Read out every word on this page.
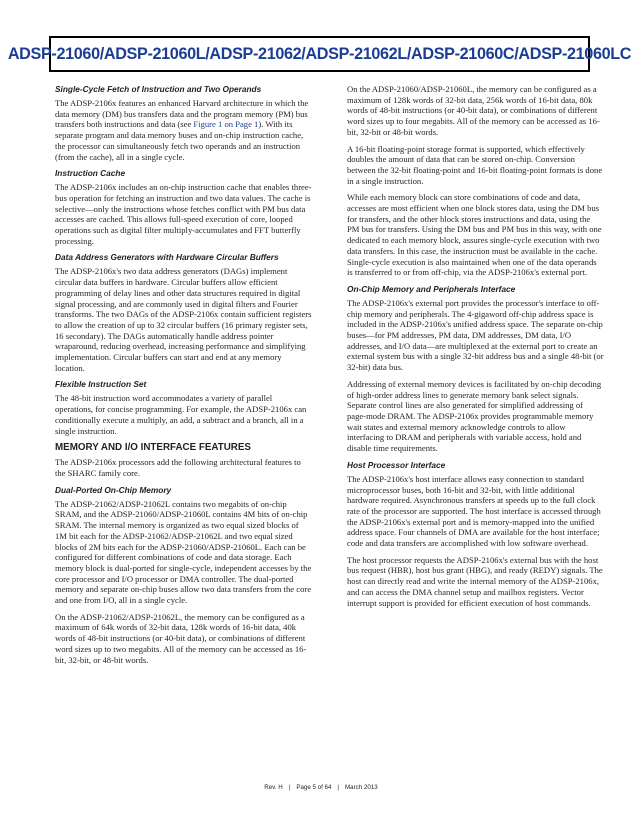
ADSP-21060/ADSP-21060L/ADSP-21062/ADSP-21062L/ADSP-21060C/ADSP-21060LC
Single-Cycle Fetch of Instruction and Two Operands

The ADSP-2106x features an enhanced Harvard architecture in which the data memory (DM) bus transfers data and the program memory (PM) bus transfers both instructions and data (see Figure 1 on Page 1). With its separate program and data memory buses and on-chip instruction cache, the processor can simultaneously fetch two operands and an instruction (from the cache), all in a single cycle.

Instruction Cache

The ADSP-2106x includes an on-chip instruction cache that enables three-bus operation for fetching an instruction and two data values. The cache is selective—only the instructions whose fetches conflict with PM bus data accesses are cached. This allows full-speed execution of core, looped operations such as digital filter multiply-accumulates and FFT butterfly processing.

Data Address Generators with Hardware Circular Buffers

The ADSP-2106x's two data address generators (DAGs) implement circular data buffers in hardware. Circular buffers allow efficient programming of delay lines and other data structures required in digital signal processing, and are commonly used in digital filters and Fourier transforms. The two DAGs of the ADSP-2106x contain sufficient registers to allow the creation of up to 32 circular buffers (16 primary register sets, 16 secondary). The DAGs automatically handle address pointer wraparound, reducing overhead, increasing performance and simplifying implementation. Circular buffers can start and end at any memory location.

Flexible Instruction Set

The 48-bit instruction word accommodates a variety of parallel operations, for concise programming. For example, the ADSP-2106x can conditionally execute a multiply, an add, a subtract and a branch, all in a single instruction.

MEMORY AND I/O INTERFACE FEATURES

The ADSP-2106x processors add the following architectural features to the SHARC family core.

Dual-Ported On-Chip Memory

The ADSP-21062/ADSP-21062L contains two megabits of on-chip SRAM, and the ADSP-21060/ADSP-21060L contains 4M bits of on-chip SRAM. The internal memory is organized as two equal sized blocks of 1M bit each for the ADSP-21062/ADSP-21062L and two equal sized blocks of 2M bits each for the ADSP-21060/ADSP-21060L. Each can be configured for different combinations of code and data storage. Each memory block is dual-ported for single-cycle, independent accesses by the core processor and I/O processor or DMA controller. The dual-ported memory and separate on-chip buses allow two data transfers from the core and one from I/O, all in a single cycle.

On the ADSP-21062/ADSP-21062L, the memory can be configured as a maximum of 64k words of 32-bit data, 128k words of 16-bit data, 40k words of 48-bit instructions (or 40-bit data), or combinations of different word sizes up to two megabits. All of the memory can be accessed as 16-bit, 32-bit, or 48-bit words.

On the ADSP-21060/ADSP-21060L, the memory can be configured as a maximum of 128k words of 32-bit data, 256k words of 16-bit data, 80k words of 48-bit instructions (or 40-bit data), or combinations of different word sizes up to four megabits. All of the memory can be accessed as 16-bit, 32-bit or 48-bit words.

A 16-bit floating-point storage format is supported, which effectively doubles the amount of data that can be stored on-chip. Conversion between the 32-bit floating-point and 16-bit floating-point formats is done in a single instruction.

While each memory block can store combinations of code and data, accesses are most efficient when one block stores data, using the DM bus for transfers, and the other block stores instructions and data, using the PM bus for transfers. Using the DM bus and PM bus in this way, with one dedicated to each memory block, assures single-cycle execution with two data transfers. In this case, the instruction must be available in the cache. Single-cycle execution is also maintained when one of the data operands is transferred to or from off-chip, via the ADSP-2106x's external port.

On-Chip Memory and Peripherals Interface

The ADSP-2106x's external port provides the processor's interface to off-chip memory and peripherals. The 4-gigaword off-chip address space is included in the ADSP-2106x's unified address space. The separate on-chip buses—for PM addresses, PM data, DM addresses, DM data, I/O addresses, and I/O data—are multiplexed at the external port to create an external system bus with a single 32-bit address bus and a single 48-bit (or 32-bit) data bus.

Addressing of external memory devices is facilitated by on-chip decoding of high-order address lines to generate memory bank select signals. Separate control lines are also generated for simplified addressing of page-mode DRAM. The ADSP-2106x provides programmable memory wait states and external memory acknowledge controls to allow interfacing to DRAM and peripherals with variable access, hold and disable time requirements.

Host Processor Interface

The ADSP-2106x's host interface allows easy connection to standard microprocessor buses, both 16-bit and 32-bit, with little additional hardware required. Asynchronous transfers at speeds up to the full clock rate of the processor are supported. The host interface is accessed through the ADSP-2106x's external port and is memory-mapped into the unified address space. Four channels of DMA are available for the host interface; code and data transfers are accomplished with low software overhead.

The host processor requests the ADSP-2106x's external bus with the host bus request (HBR), host bus grant (HBG), and ready (REDY) signals. The host can directly read and write the internal memory of the ADSP-2106x, and can access the DMA channel setup and mailbox registers. Vector interrupt support is provided for efficient execution of host commands.

Rev. H | Page 5 of 64 | March 2013
